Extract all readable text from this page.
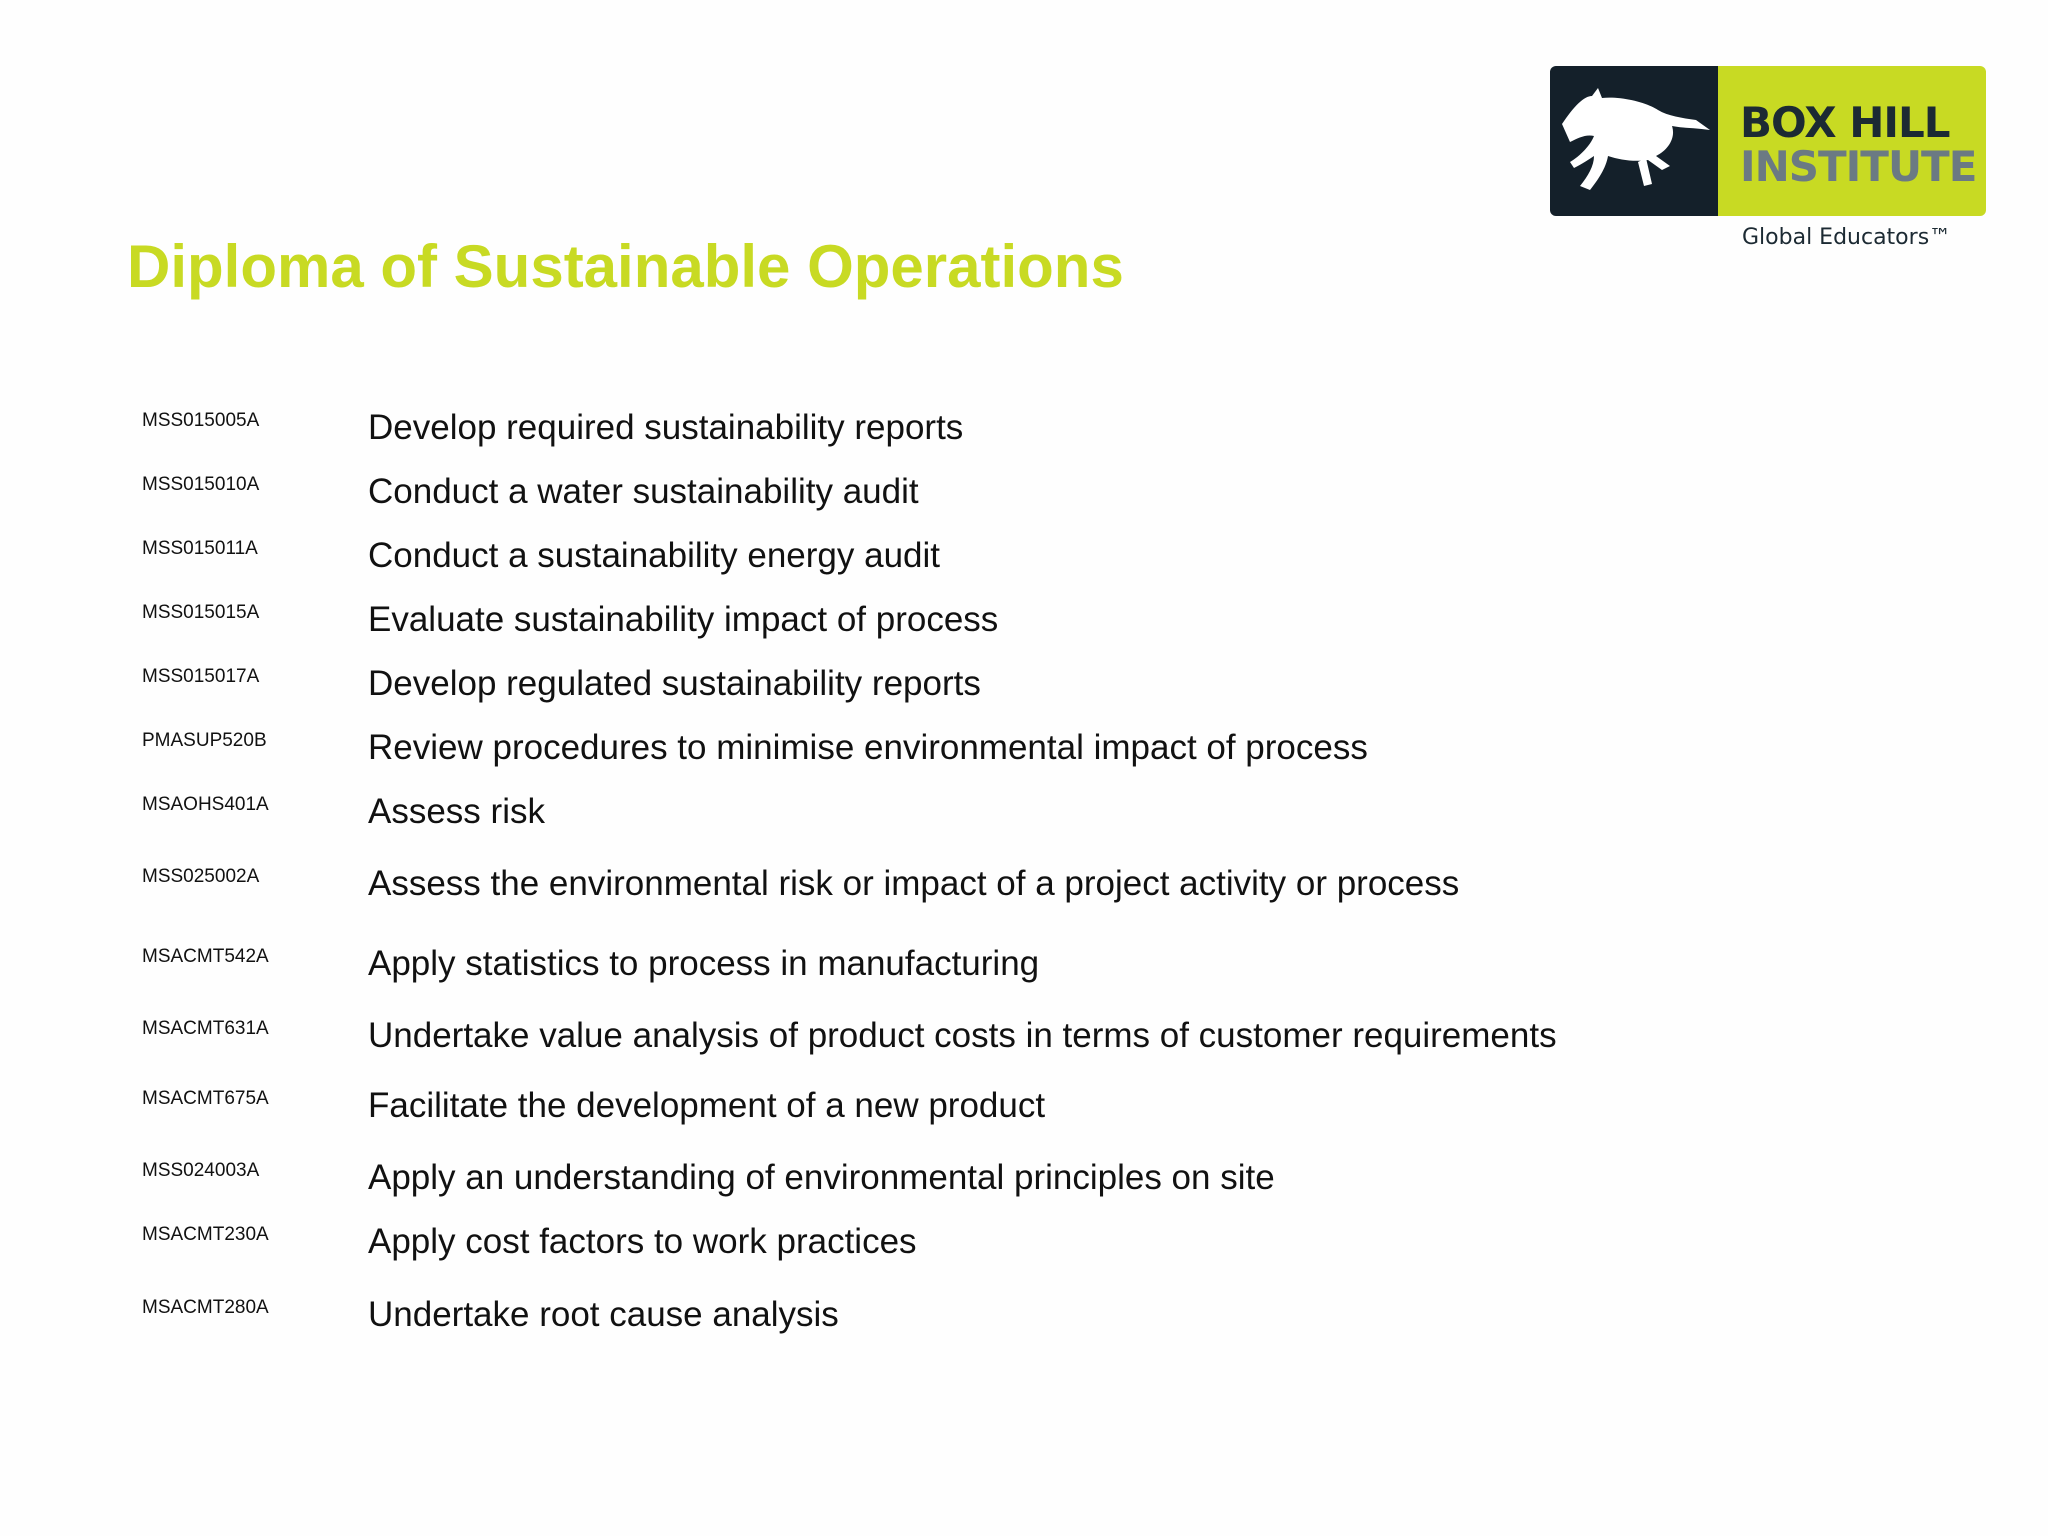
BOX HILL
INSTITUTE
Global Educators™
Diploma of Sustainable Operations
MSS015005A	Develop required sustainability reports
MSS015010A	Conduct a water sustainability audit
MSS015011A	Conduct a sustainability energy audit
MSS015015A	Evaluate sustainability impact of process
MSS015017A	Develop regulated sustainability reports
PMASUP520B	Review procedures to minimise environmental impact of process
MSAOHS401A	Assess risk
MSS025002A	Assess the environmental risk or impact of a project activity or process
MSACMT542A	Apply statistics to process in manufacturing
MSACMT631A	Undertake value analysis of product costs in terms of customer requirements
MSACMT675A	Facilitate the development of a new product
MSS024003A	Apply an understanding of environmental principles on site
MSACMT230A	Apply cost factors to work practices
MSACMT280A	Undertake root cause analysis
